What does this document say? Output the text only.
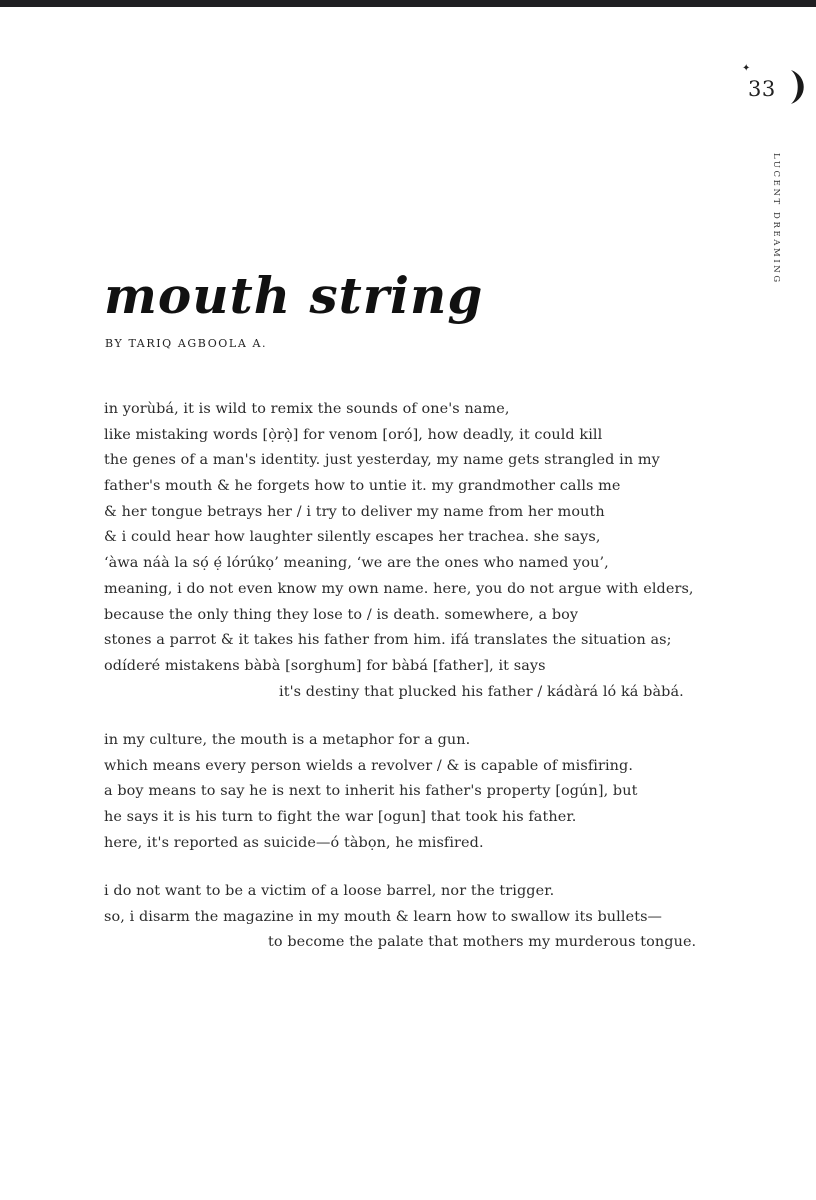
✦
33
LUCENT DREAMING
mouth string
BY TARIQ AGBOOLA A.
in yorùbá, it is wild to remix the sounds of one's name,
like mistaking words [ọ̀rọ̀] for venom [oró], how deadly, it could kill
the genes of a man's identity. just yesterday, my name gets strangled in my
father's mouth & he forgets how to untie it. my grandmother calls me
& her tongue betrays her / i try to deliver my name from her mouth
& i could hear how laughter silently escapes her trachea. she says,
‘àwa náà la sọ́ ẹ́ lórúkọ’ meaning, ‘we are the ones who named you’,
meaning, i do not even know my own name. here, you do not argue with elders,
because the only thing they lose to / is death. somewhere, a boy
stones a parrot & it takes his father from him. ifá translates the situation as;
odíderé mistakens bàbà [sorghum] for bàbá [father], it says
it's destiny that plucked his father / kádàrá ló ká bàbá.
in my culture, the mouth is a metaphor for a gun.
which means every person wields a revolver / & is capable of misfiring.
a boy means to say he is next to inherit his father's property [ogún], but
he says it is his turn to fight the war [ogun] that took his father.
here, it's reported as suicide—ó tàbọn, he misfired.
i do not want to be a victim of a loose barrel, nor the trigger.
so, i disarm the magazine in my mouth & learn how to swallow its bullets—
to become the palate that mothers my murderous tongue.
